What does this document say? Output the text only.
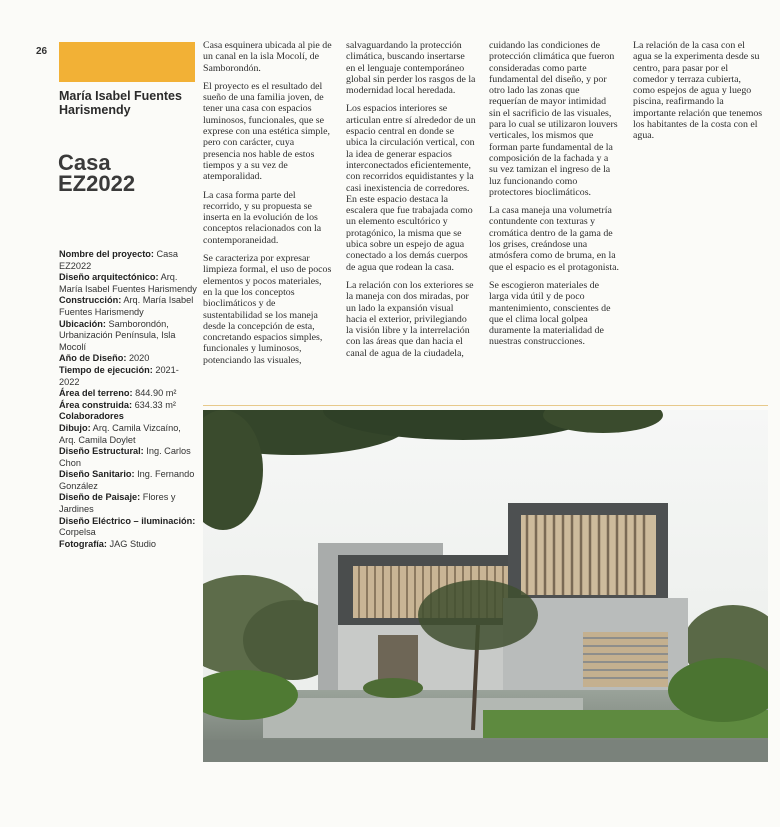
26
María Isabel Fuentes Harismendy
Casa
EZ2022

Nombre del proyecto: Casa EZ2022

Diseño arquitectónico: Arq. María Isabel Fuentes Harismendy

Construcción: Arq. María Isabel Fuentes Harismendy

Ubicación: Samborondón, Urbanización Península, Isla Mocolí

Año de Diseño: 2020

Tiempo de ejecución: 2021-2022

Área del terreno: 844.90 m²

Área construida: 634.33 m²

Colaboradores

Dibujo: Arq. Camila Vizcaíno, Arq. Camila Doylet

Diseño Estructural: Ing. Carlos Chon

Diseño Sanitario: Ing. Fernando González

Diseño de Paisaje: Flores y Jardines

Diseño Eléctrico – iluminación: Corpelsa

Fotografía: JAG Studio

Casa esquinera ubicada al pie de un canal en la isla Mocolí, de Samborondón.

El proyecto es el resultado del sueño de una familia joven, de tener una casa con espacios luminosos, funcionales, que se exprese con una estética simple, pero con carácter, cuya presencia nos hable de estos tiempos y a su vez de atemporalidad.

La casa forma parte del recorrido, y su propuesta se inserta en la evolución de los conceptos relacionados con la contemporaneidad.

Se caracteriza por expresar limpieza formal, el uso de pocos elementos y pocos materiales, en la que los conceptos bioclimáticos y de sustentabilidad se los maneja desde la concepción de esta, concretando espacios simples, funcionales y luminosos, potenciando las visuales,

salvaguardando la protección climática, buscando insertarse en el lenguaje contemporáneo global sin perder los rasgos de la modernidad local heredada.

Los espacios interiores se articulan entre sí alrededor de un espacio central en donde se ubica la circulación vertical, con la idea de generar espacios interconectados eficientemente, con recorridos equidistantes y la casi inexistencia de corredores. En este espacio destaca la escalera que fue trabajada como un elemento escultórico y protagónico, la misma que se ubica sobre un espejo de agua conectado a los demás cuerpos de agua que rodean la casa.

La relación con los exteriores se la maneja con dos miradas, por un lado la expansión visual hacia el exterior, privilegiando la visión libre y la interrelación con las áreas que dan hacia el canal de agua de la ciudadela,

cuidando las condiciones de protección climática que fueron consideradas como parte fundamental del diseño, y por otro lado las zonas que requerían de mayor intimidad sin el sacrificio de las visuales, para lo cual se utilizaron louvers verticales, los mismos que forman parte fundamental de la composición de la fachada y a su vez tamizan el ingreso de la luz funcionando como protectores bioclimáticos.

La casa maneja una volumetría contundente con texturas y cromática dentro de la gama de los grises, creándose una atmósfera como de bruma, en la que el espacio es el protagonista.

Se escogieron materiales de larga vida útil y de poco mantenimiento, conscientes de que el clima local golpea duramente la materialidad de nuestras construcciones.

La relación de la casa con el agua se la experimenta desde su centro, para pasar por el comedor y terraza cubierta, como espejos de agua y luego piscina, reafirmando la importante relación que tenemos los habitantes de la costa con el agua.
